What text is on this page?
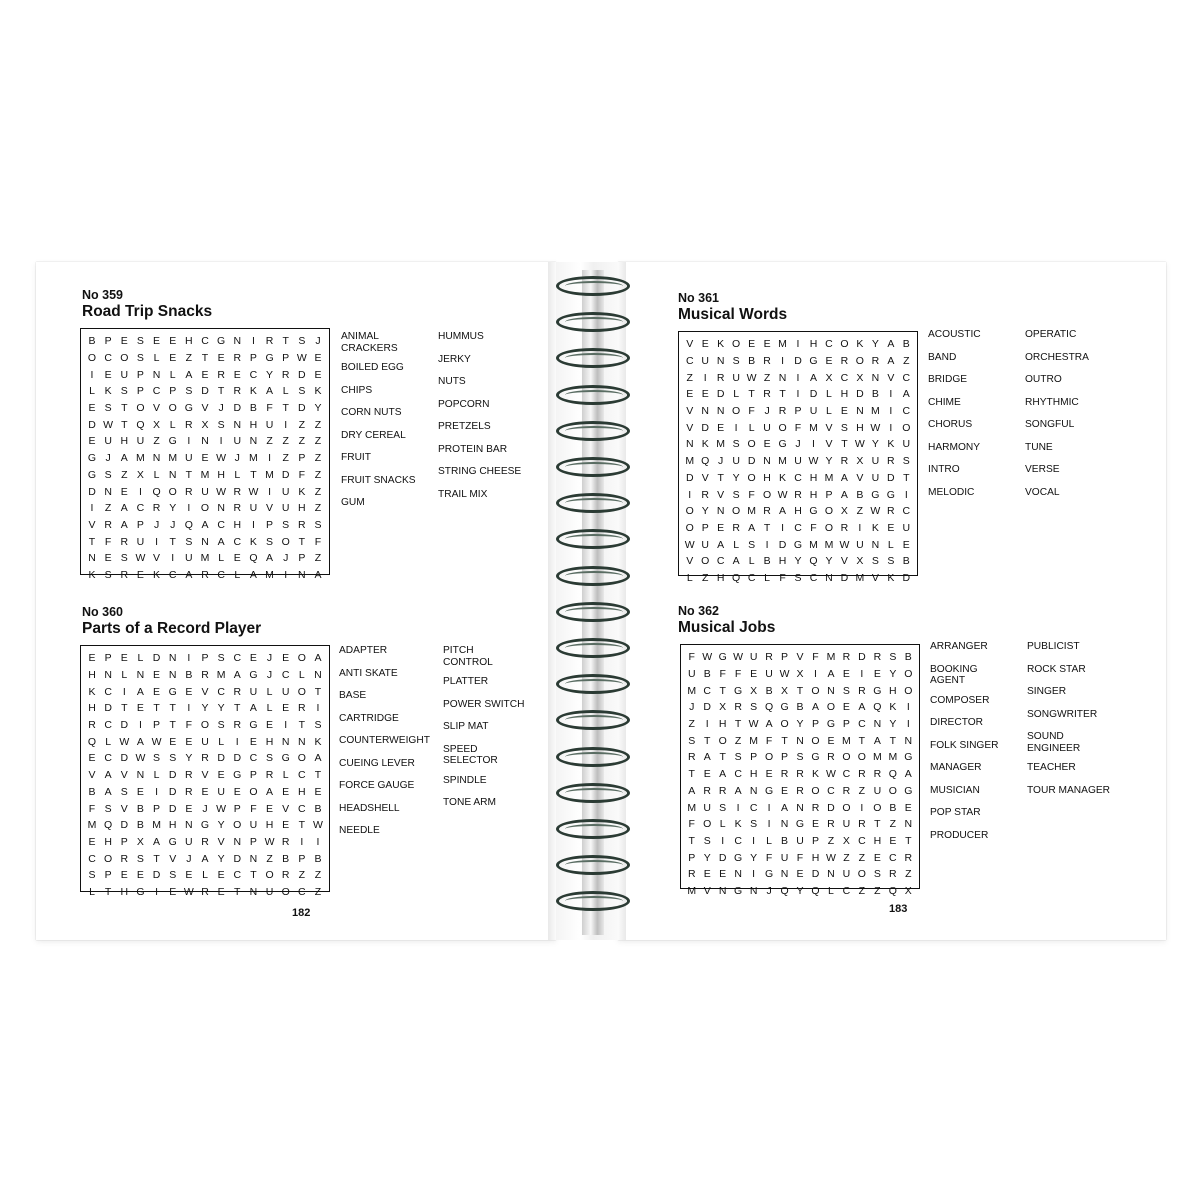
No 359
Road Trip Snacks
B P E S E E H C G N	I	R T S J
O C O S L E Z T E R P G P W E
I	E U P N L A E R E C Y R D E
L K S P C P S D T R K A L S K
E S T O V O G V J D B F T D Y
D W T Q X L R X S N H U	I	Z Z
E U H U Z G	I	N	I	U N Z Z Z Z
G J A M N M U E W J M I	Z P Z
G S Z X L N T M H L T M D F Z
D N E	I	Q O R U W R W I	U K Z
I	Z A C R Y	I	O N R U V U H Z
V R A P J	J Q A C H	I	P S R S
T F R U	I	T S N A C K S O T F
N E S W V	I	U M L E Q A J P Z
K S R E K C A R C L A M I	N A
ANIMAL
CRACKERS
BOILED EGG
CHIPS
CORN NUTS
DRY CEREAL
FRUIT
FRUIT SNACKS
GUM
HUMMUS
JERKY
NUTS
POPCORN
PRETZELS
PROTEIN BAR
STRING CHEESE
TRAIL MIX
No 360
Parts of a Record Player
E P E L D N	I	P S C E J E O A
H N L N E N B R M A G J C L N
K C	I	A E G E V C R U L U O T
H D T E T T	I	Y Y T A L E R	I
R C D	I	P T F O S R G E	I	T S
Q L W A W E E U L	I	E H N N K
E C D W S S Y R D D C S G O A
V A V N L D R V E G P R L C T
B A S E	I	D R E U E O A E H E
F S V B P D E J W P F E V C B
M Q D B M H N G Y O U H E T W
E H P X A G U R V N P W R	I	I
C O R S T V J A Y D N Z B P B
S P E E D S E L E C T O R Z Z
L T H G	I	E W R E T N U O C Z
ADAPTER
ANTI SKATE
BASE
CARTRIDGE
COUNTERWEIGHT
CUEING LEVER
FORCE GAUGE
HEADSHELL
NEEDLE
PITCH
CONTROL
PLATTER
POWER SWITCH
SLIP MAT
SPEED
SELECTOR
SPINDLE
TONE ARM
182
No 361
Musical Words
V E K O E E M I H C O K Y A B
C U N S B R I D G E R O R A Z
Z	I R U W Z N I	A X C X N V C
E E D L T R T	I D L H D B	I	A
V N N O F J R P U L E N M I C
V D E	I	L U O F M V S H W I O
N K M S O E G J	I	V T W Y K U
M Q J U D N M U W Y R X U R S
D V T Y O H K C H M A V U D T
I R V S F O W R H P A B G G I
O Y N O M R A H G O X Z W R C
O P E R A T	I C F O R I	K E U
W U A L S	I D G M M W U N L E
V O C A L B H Y Q Y V X S S B
L Z H Q C L F S C N D M V K D
ACOUSTIC
BAND
BRIDGE
CHIME
CHORUS
HARMONY
INTRO
MELODIC
OPERATIC
ORCHESTRA
OUTRO
RHYTHMIC
SONGFUL
TUNE
VERSE
VOCAL
No 362
Musical Jobs
F W G W U R P V F M R D R S B
U B F F E U W X	I	A E	I	E Y O
M C T G X B X T O N S R G H O
J D X R S Q G B A O E A Q K	I
Z	I H T W A O Y P G P C N Y	I
S T O Z M F T N O E M T A T N
R A T S P O P S G R O O M M G
T E A C H E R R K W C R R Q A
A R R A N G E R O C R Z U O G
M U S	I C I	A N R D O I O B E
F O L K S	I N G E R U R T Z N
T S	I C I	L B U P Z X C H E T
P Y D G Y F U F H W Z Z E C R
R E E N I G N E D N U O S R Z
M V N G N J Q Y Q L C Z Z Q X
ARRANGER
BOOKING
AGENT
COMPOSER
DIRECTOR
FOLK SINGER
MANAGER
MUSICIAN
POP STAR
PRODUCER
PUBLICIST
ROCK STAR
SINGER
SONGWRITER
SOUND
ENGINEER
TEACHER
TOUR MANAGER
183
